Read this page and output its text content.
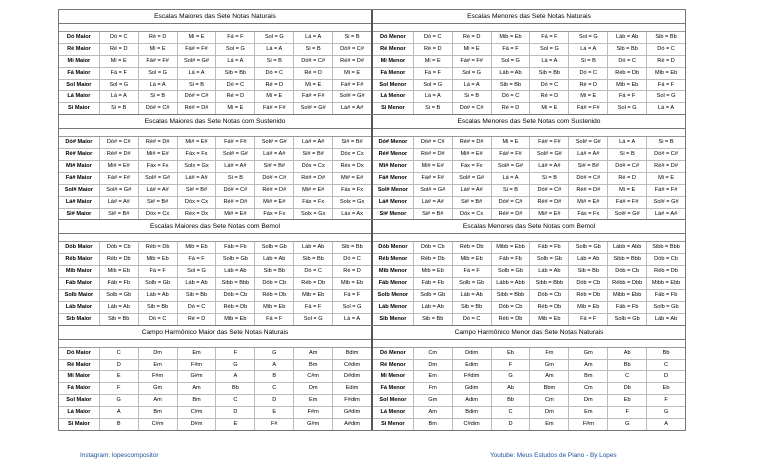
Escalas Maiores das Sete Notas Naturais
Dó Maior	Dó = C	Ré = D	Mi = E	Fá = F	Sol = G	Lá = A	Si = B
Ré Maior	Ré = D	Mi = E	Fá# = F#	Sol = G	Lá = A	Si = B	Dó# = C#
Mi Maior	Mi = E	Fá# = F#	Sol# = G#	Lá = A	Si = B	Dó# = C#	Ré# = D#
Fá Maior	Fá = F	Sol = G	Lá = A	Sib = Bb	Dó = C	Ré = D	Mi = E
Sol Maior	Sol = G	Lá = A	Si = B	Dó = C	Ré = D	Mi = E	Fá# = F#
Lá Maior	Lá = A	Si = B	Dó# = C#	Ré = D	Mi = E	Fá# = F#	Sol# = G#
Si Maior	Si = B	Dó# = C#	Ré# = D#	Mi = E	Fá# = F#	Sol# = G#	Lá# = A#
Escalas Menores das Sete Notas Naturais
Dó Menor	Dó = C	Ré = D	Mib = Eb	Fá = F	Sol = G	Láb = Ab	Sib = Bb
Ré Menor	Ré = D	Mi = E	Fá = F	Sol = G	Lá = A	Sib = Bb	Dó = C
Mi Menor	Mi = E	Fá# = F#	Sol = G	Lá = A	Si = B	Dó = C	Ré = D
Fá Menor	Fá = F	Sol = G	Láb = Ab	Sib = Bb	Dó = C	Réb = Db	Mib = Eb
Sol Menor	Sol = G	Lá = A	Sib = Bb	Dó = C	Ré = D	Mib = Eb	Fá = F
Lá Menor	Lá = A	Si = B	Dó = C	Ré = D	Mi = E	Fá = F	Sol = G
Si Menor	Si = B	Dó# = C#	Ré = D	Mi = E	Fá# = F#	Sol = G	Lá = A
Escalas Maiores das Sete Notas com Sustenido
Dó# Maior	Dó# = C#	Ré# = D#	Mi# = E#	Fá# = F#	Sol# = G#	Lá# = A#	Si# = B#
Ré# Maior	Ré# = D#	Mi# = E#	Fáx = Fx	Sol# = G#	Lá# = A#	Si# = B#	Dóx = Cx
Mi# Maior	Mi# = E#	Fáx = Fx	Solx = Gx	Lá# = A#	Si# = B#	Dóx = Cx	Réx = Dx
Fá# Maior	Fá# = F#	Sol# = G#	Lá# = A#	Si = B	Dó# = C#	Ré# = D#	Mi# = E#
Sol# Maior	Sol# = G#	Lá# = A#	Si# = B#	Dó# = C#	Ré# = D#	Mi# = E#	Fáx = Fx
Lá# Maior	Lá# = A#	Si# = B#	Dóx = Cx	Ré# = D#	Mi# = E#	Fáx = Fx	Solx = Gx
Si# Maior	Si# = B#	Dóx = Cx	Réx = Dx	Mi# = E#	Fáx = Fx	Solx = Gx	Láx = Ax
Escalas Menores das Sete Notas com Sustenido
Dó# Menor	Dó# = C#	Ré# = D#	Mi = E	Fá# = F#	Sol# = G#	Lá = A	Si = B
Ré# Menor	Ré# = D#	Mi# = E#	Fá# = F#	Sol# = G#	Lá# = A#	Si = B	Dó# = C#
Mi# Menor	Mi# = E#	Fáx = Fx	Sol# = G#	Lá# = A#	Si# = B#	Dó# = C#	Ré# = D#
Fá# Menor	Fá# = F#	Sol# = G#	Lá = A	Si = B	Dó# = C#	Ré = D	Mi = E
Sol# Menor	Sol# = G#	Lá# = A#	Si = B	Dó# = C#	Ré# = D#	Mi = E	Fá# = F#
Lá# Menor	Lá# = A#	Si# = B#	Dó# = C#	Ré# = D#	Mi# = E#	Fá# = F#	Sol# = G#
Si# Menor	Si# = B#	Dóx = Cx	Ré# = D#	Mi# = E#	Fáx = Fx	Sol# = G#	Lá# = A#
Escalas Maiores das Sete Notas com Bemol
Dób Maior	Dób = Cb	Réb = Db	Mib = Eb	Fáb = Fb	Solb = Gb	Láb = Ab	Sib = Bb
Réb Maior	Réb = Db	Mib = Eb	Fá = F	Solb = Gb	Láb = Ab	Sib = Bb	Dó = C
Mib Maior	Mib = Eb	Fá = F	Sol = G	Láb = Ab	Sib = Bb	Dó = C	Ré = D
Fáb Maior	Fáb = Fb	Solb = Gb	Láb = Ab	Sibb = Bbb	Dób = Cb	Réb = Db	Mib = Eb
Solb Maior	Solb = Gb	Láb = Ab	Sib = Bb	Dób = Cb	Réb = Db	Mib = Eb	Fá = F
Láb Maior	Láb = Ab	Sib = Bb	Dó = C	Réb = Db	Mib = Eb	Fá = F	Sol = G
Sib Maior	Sib = Bb	Dó = C	Ré = D	Mib = Eb	Fá = F	Sol = G	Lá = A
Escalas Menores das Sete Notas com Bemol
Dób Menor	Dób = Cb	Réb = Db	Mibb = Ebb	Fáb = Fb	Solb = Gb	Lább = Abb	Sibb = Bbb
Réb Menor	Réb = Db	Mib = Eb	Fáb = Fb	Solb = Gb	Láb = Ab	Sibb = Bbb	Dób = Cb
Mib Menor	Mib = Eb	Fá = F	Solb = Gb	Láb = Ab	Sib = Bb	Dób = Cb	Réb = Db
Fáb Menor	Fáb = Fb	Solb = Gb	Lább = Abb	Sibb = Bbb	Dób = Cb	Rébb = Dbb	Mibb = Ebb
Solb Menor	Solb = Gb	Láb = Ab	Sibb = Bbb	Dób = Cb	Réb = Db	Mibb = Ebb	Fáb = Fb
Láb Menor	Láb = Ab	Sib = Bb	Dób = Cb	Réb = Db	Mib = Eb	Fáb = Fb	Solb = Gb
Sib Menor	Sib = Bb	Dó = C	Réb = Db	Mib = Eb	Fá = F	Solb = Gb	Láb = Ab
Campo Harmônico Maior das Sete Notas Naturais
Dó Maior	C	Dm	Em	F	G	Am	Bdim
Ré Maior	D	Em	F#m	G	A	Bm	C#dim
Mi Maior	E	F#m	G#m	A	B	C#m	D#dim
Fá Maior	F	Gm	Am	Bb	C	Dm	Edim
Sol Maior	G	Am	Bm	C	D	Em	F#dim
Lá Maior	A	Bm	C#m	D	E	F#m	G#dim
Si Maior	B	C#m	D#m	E	F#	G#m	A#dim
Campo Harmônico Menor das Sete Notas Naturais
Dó Menor	Cm	Ddim	Eb	Fm	Gm	Ab	Bb
Ré Menor	Dm	Edim	F	Gm	Am	Bb	C
Mi Menor	Em	F#dim	G	Am	Bm	C	D
Fá Menor	Fm	Gdim	Ab	Bbm	Cm	Db	Eb
Sol Menor	Gm	Adim	Bb	Cm	Dm	Eb	F
Lá Menor	Am	Bdim	C	Dm	Em	F	G
Si Menor	Bm	C#dim	D	Em	F#m	G	A
Instagram: lopescompositor	Youtube: Meus Estudos de Piano - By Lopes
